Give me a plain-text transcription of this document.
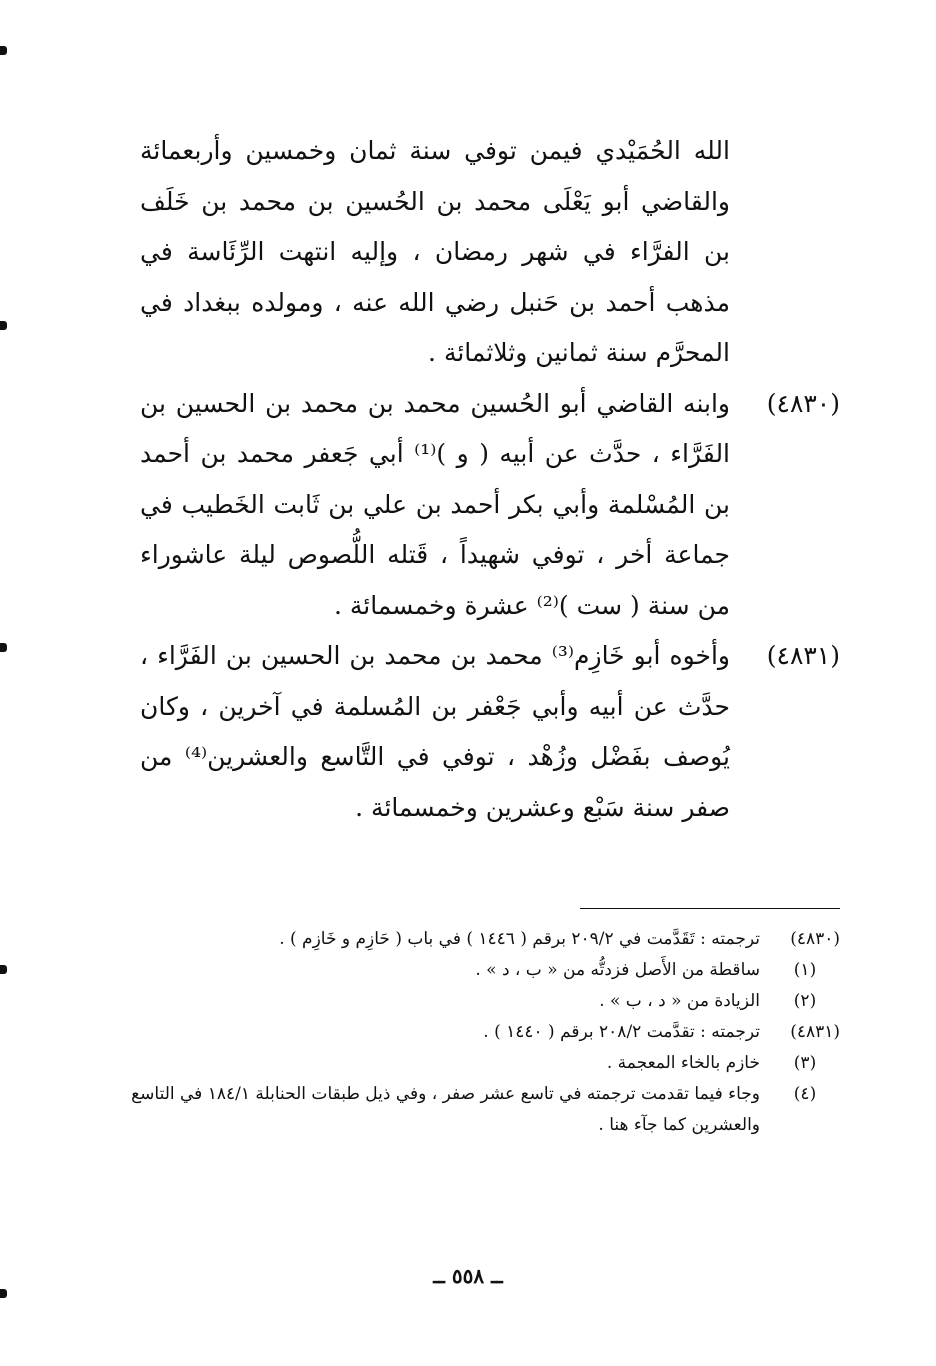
الله الحُمَيْدي فيمن توفي سنة ثمان وخمسين وأربعمائة والقاضي أبو يَعْلَى محمد بن الحُسين بن محمد بن خَلَف بن الفرَّاء في شهر رمضان ، وإليه انتهت الرِّئَاسة في مذهب أحمد بن حَنبل رضي الله عنه ، ومولده ببغداد في المحرَّم سنة ثمانين وثلاثمائة .

(٤٨٣٠)
وابنه القاضي أبو الحُسين محمد بن محمد بن الحسين بن الفَرَّاء ، حدَّث عن أبيه ( و )⁽¹⁾ أبي جَعفر محمد بن أحمد بن المُسْلمة وأبي بكر أحمد بن علي بن ثَابت الخَطيب في جماعة أخر ، توفي شهيداً ، قَتله اللُّصوص ليلة عاشوراء من سنة ( ست )⁽²⁾ عشرة وخمسمائة .

(٤٨٣١)
وأخوه أبو خَازِم⁽³⁾ محمد بن محمد بن الحسين بن الفَرَّاء ، حدَّث عن أبيه وأبي جَعْفر بن المُسلمة في آخرين ، وكان يُوصف بفَضْل وزُهْد ، توفي في التَّاسع والعشرين⁽⁴⁾ من صفر سنة سَبْع وعشرين وخمسمائة .

(٤٨٣٠)
ترجمته : تَقَدَّمت في ٢٠٩/٢ برقم ( ١٤٤٦ ) في باب ( حَازِم و خَازِم ) .

(١)
ساقطة من الأَصل فزدتُّه من « ب ، د » .

(٢)
الزيادة من « د ، ب » .

(٤٨٣١)
ترجمته : تقدَّمت ٢٠٨/٢ برقم ( ١٤٤٠ ) .

(٣)
خازم بالخاء المعجمة .

(٤)
وجاء فيما تقدمت ترجمته في تاسع عشر صفر ، وفي ذيل طبقات الحنابلة ١٨٤/١ في التاسع والعشرين كما جآء هنا .

ــ ٥٥٨ ــ
